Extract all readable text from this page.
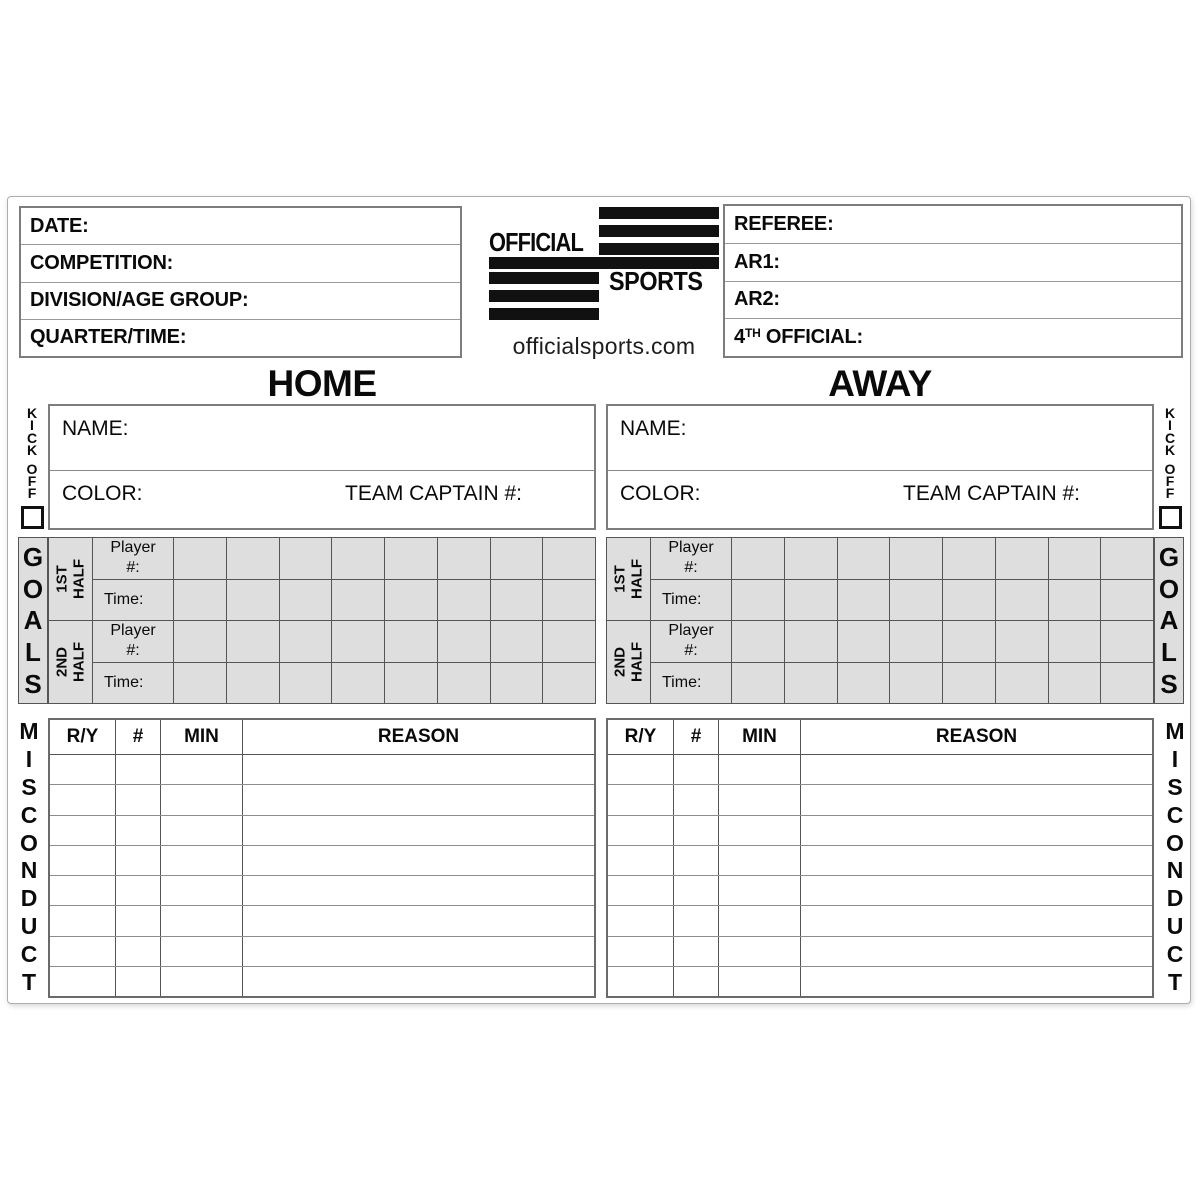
DATE:
COMPETITION:
DIVISION/AGE GROUP:
QUARTER/TIME:
OFFICIAL
SPORTS
officialsports.com
REFEREE:
AR1:
AR2:
4TH OFFICIAL:
HOME	AWAY
K
I
C
K
O
F
F
K
I
C
K
O
F
F
NAME:
COLOR:	TEAM CAPTAIN #:
NAME:
COLOR:	TEAM CAPTAIN #:
G
O
A
L
S
1ST HALF
Player
#:
Time:
2ND HALF
Player
#:
Time:
1ST HALF
Player
#:
Time:
2ND HALF
Player
#:
Time:
G
O
A
L
S
M
I
S
C
O
N
D
U
C
T
R/Y	#	MIN	REASON	R/Y	#	MIN	REASON	M
I
S
C
O
N
D
U
C
T
